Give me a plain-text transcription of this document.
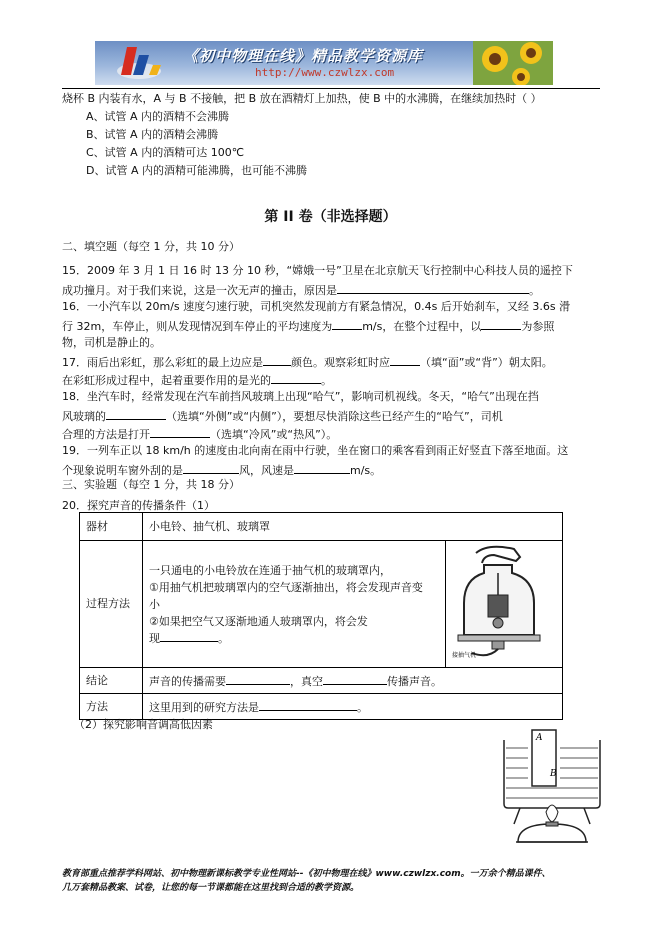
《初中物理在线》精品教学资源库
http://www.czwlzx.com
烧杯 B 内装有水，A 与 B 不接触，把 B 放在酒精灯上加热，使 B 中的水沸腾，在继续加热时（ ）
A、试管 A 内的酒精不会沸腾
B、试管 A 内的酒精会沸腾
C、试管 A 内的酒精可达 100℃
D、试管 A 内的酒精可能沸腾，也可能不沸腾
第 II 卷（非选择题）
二、填空题（每空 1 分，共 10 分）
15．2009 年 3 月 1 日 16 时 13 分 10 秒，“嫦娥一号”卫星在北京航天飞行控制中心科技人员的遥控下
成功撞月。对于我们来说，这是一次无声的撞击，原因是	。
16．一小汽车以 20m/s 速度匀速行驶，司机突然发现前方有紧急情况，0.4s 后开始刹车，又经 3.6s 滑
行 32m，车停止，则从发现情况到车停止的平均速度为	m/s，在整个过程中，以	为参照
物，司机是静止的。
17．雨后出彩虹，那么彩虹的最上边应是	颜色。观察彩虹时应	（填“面”或“背”）朝太阳。
在彩虹形成过程中，起着重要作用的是光的	。
18．坐汽车时，经常发现在汽车前挡风玻璃上出现“哈气”，影响司机视线。冬天，“哈气”出现在挡
风玻璃的	（选填“外侧”或“内侧”），要想尽快消除这些已经产生的“哈气”，司机
合理的方法是打开	（选填“冷风”或“热风”）。
19．一列车正以 18 km/h 的速度由北向南在雨中行驶，坐在窗口的乘客看到雨正好竖直下落至地面。这
个现象说明车窗外刮的是	风，风速是	m/s。
三、实验题（每空 1 分，共 18 分）
20．探究声音的传播条件（1）
器材	小电铃、抽气机、玻璃罩	
过程方法	一只通电的小电铃放在连通于抽气机的玻璃罩内，
①用抽气机把玻璃罩内的空气逐渐抽出，将会发现声音变
小
②如果把空气又逐渐地通人玻璃罩内，将会发
现 。	接抽气机

结论	声音的传播需要 ，真空 传播声音。	
方法	这里用到的研究方法是 。	
（2）探究影响音调高低因素
A
B
教育部重点推荐学科网站、初中物理新课标教学专业性网站--《初中物理在线》www.czwlzx.com。一万余个精品课件、
几万套精品教案、试卷，让您的每一节课都能在这里找到合适的教学资源。
